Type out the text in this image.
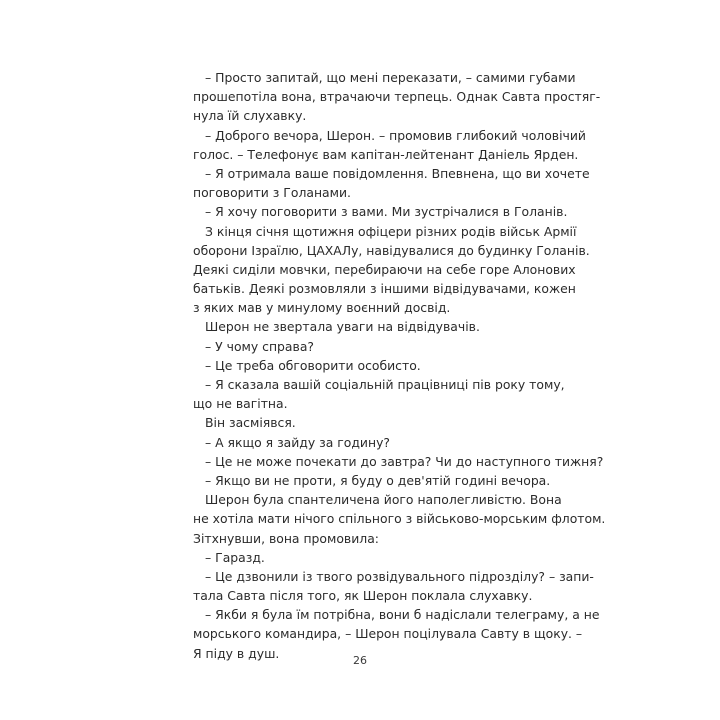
– Просто запитай, що мені переказати, – самими губами
прошепотіла вона, втрачаючи терпець. Однак Савта простяг-
нула їй слухавку.
– Доброго вечора, Шерон. – промовив глибокий чоловічий
голос. – Телефонує вам капітан-лейтенант Даніель Ярден.
– Я отримала ваше повідомлення. Впевнена, що ви хочете
поговорити з Голанами.
– Я хочу поговорити з вами. Ми зустрічалися в Голанів.
З кінця січня щотижня офіцери різних родів військ Армії
оборони Ізраїлю, ЦАХАЛу, навідувалися до будинку Голанів.
Деякі сиділи мовчки, перебираючи на себе горе Алонових
батьків. Деякі розмовляли з іншими відвідувачами, кожен
з яких мав у минулому воєнний досвід.
Шерон не звертала уваги на відвідувачів.
– У чому справа?
– Це треба обговорити особисто.
– Я сказала вашій соціальній працівниці пів року тому,
що не вагітна.
Він засміявся.
– А якщо я зайду за годину?
– Це не може почекати до завтра? Чи до наступного тижня?
– Якщо ви не проти, я буду о дев'ятій годині вечора.
Шерон була спантеличена його наполегливістю. Вона
не хотіла мати нічого спільного з військово-морським флотом.
Зітхнувши, вона промовила:
– Гаразд.
– Це дзвонили із твого розвідувального підрозділу? – запи-
тала Савта після того, як Шерон поклала слухавку.
– Якби я була їм потрібна, вони б надіслали телеграму, а не
морського командира, – Шерон поцілувала Савту в щоку. –
Я піду в душ.	26
